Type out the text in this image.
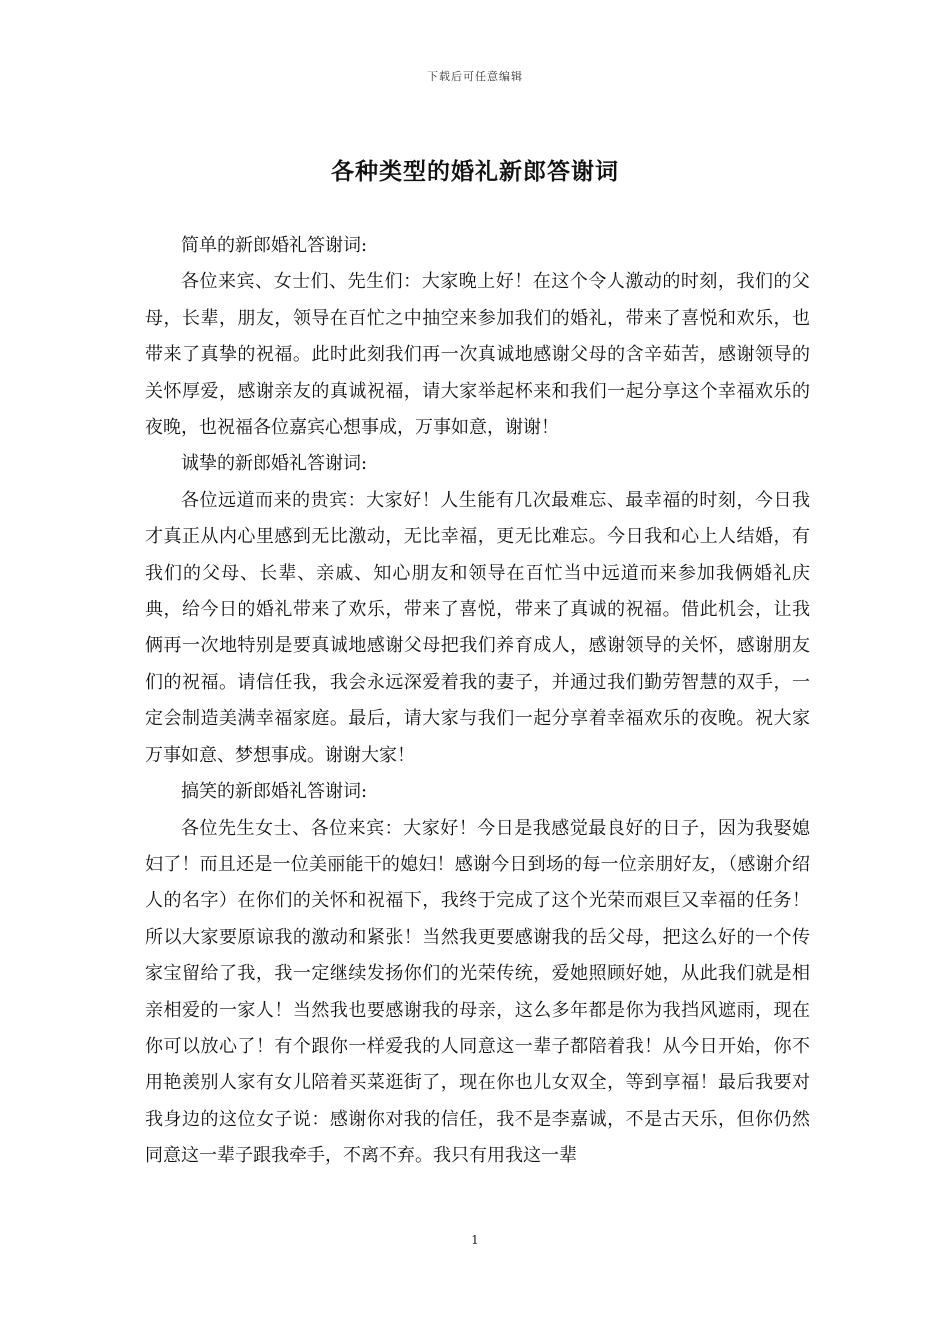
下载后可任意编辑
各种类型的婚礼新郎答谢词

简单的新郎婚礼答谢词:

各位来宾、女士们、先生们：大家晚上好！在这个令人激动的时刻，我们的父母，长辈，朋友，领导在百忙之中抽空来参加我们的婚礼，带来了喜悦和欢乐，也带来了真挚的祝福。此时此刻我们再一次真诚地感谢父母的含辛茹苦，感谢领导的关怀厚爱，感谢亲友的真诚祝福，请大家举起杯来和我们一起分享这个幸福欢乐的夜晚，也祝福各位嘉宾心想事成，万事如意，谢谢！

诚挚的新郎婚礼答谢词:

各位远道而来的贵宾：大家好！人生能有几次最难忘、最幸福的时刻，今日我才真正从内心里感到无比激动，无比幸福，更无比难忘。今日我和心上人结婚，有我们的父母、长辈、亲戚、知心朋友和领导在百忙当中远道而来参加我俩婚礼庆典，给今日的婚礼带来了欢乐，带来了喜悦，带来了真诚的祝福。借此机会，让我俩再一次地特别是要真诚地感谢父母把我们养育成人，感谢领导的关怀，感谢朋友们的祝福。请信任我，我会永远深爱着我的妻子，并通过我们勤劳智慧的双手，一定会制造美满幸福家庭。最后，请大家与我们一起分享着幸福欢乐的夜晚。祝大家万事如意、梦想事成。谢谢大家！

搞笑的新郎婚礼答谢词:

各位先生女士、各位来宾：大家好！今日是我感觉最良好的日子，因为我娶媳妇了！而且还是一位美丽能干的媳妇！感谢今日到场的每一位亲朋好友，（感谢介绍人的名字）在你们的关怀和祝福下，我终于完成了这个光荣而艰巨又幸福的任务！所以大家要原谅我的激动和紧张！当然我更要感谢我的岳父母，把这么好的一个传家宝留给了我，我一定继续发扬你们的光荣传统，爱她照顾好她，从此我们就是相亲相爱的一家人！当然我也要感谢我的母亲，这么多年都是你为我挡风遮雨，现在你可以放心了！有个跟你一样爱我的人同意这一辈子都陪着我！从今日开始，你不用艳羡别人家有女儿陪着买菜逛街了，现在你也儿女双全，等到享福！最后我要对我身边的这位女子说：感谢你对我的信任，我不是李嘉诚，不是古天乐，但你仍然同意这一辈子跟我牵手，不离不弃。我只有用我这一辈

1
